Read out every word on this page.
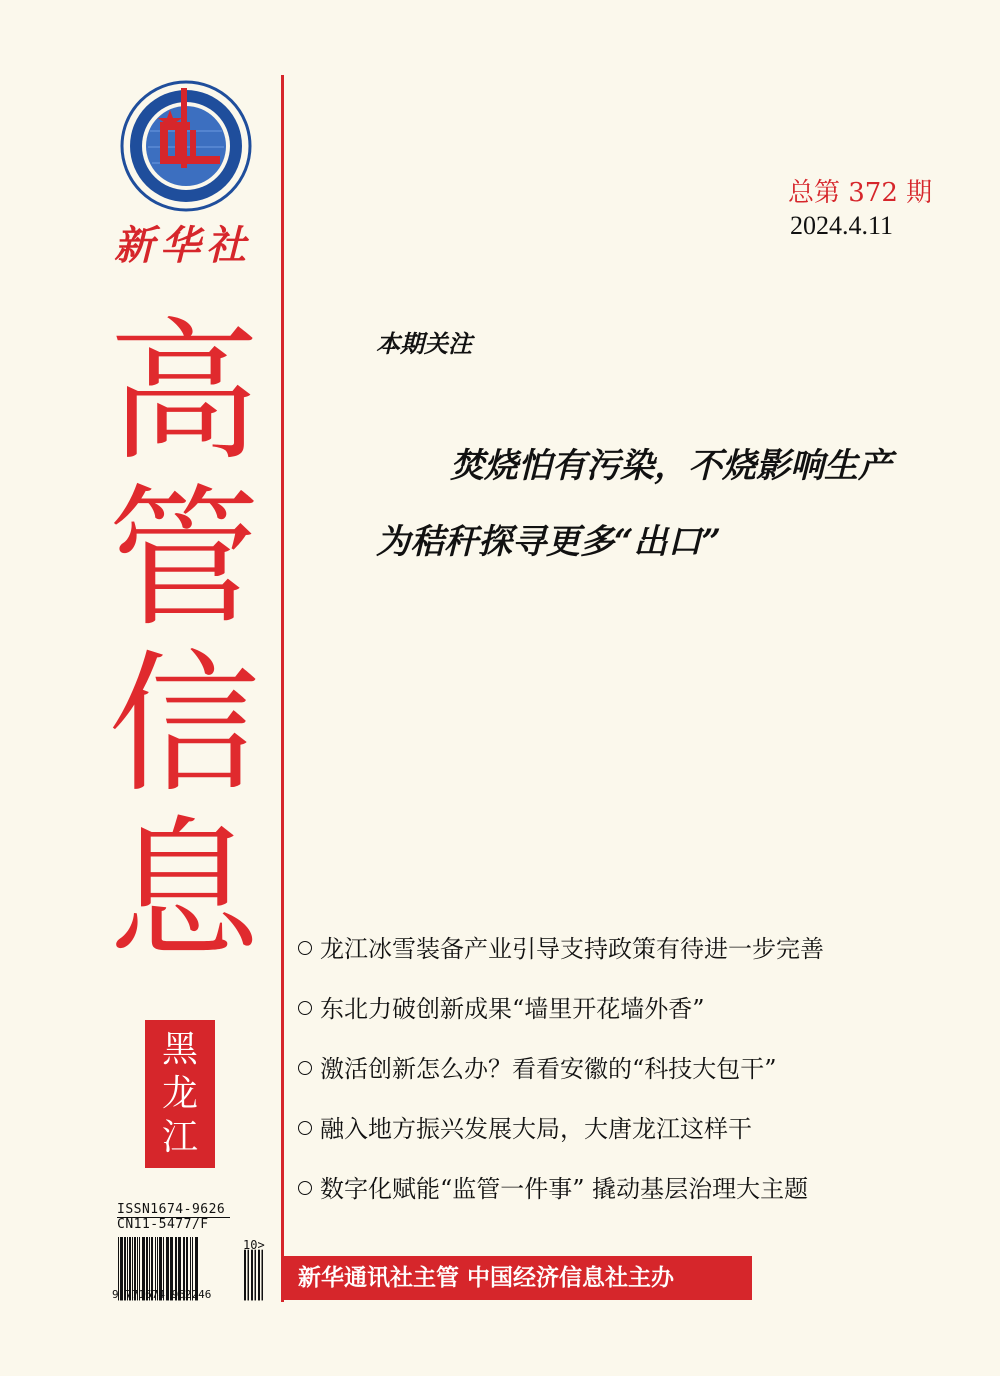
新华社
高
管
信
息
黑
龙
江
ISSN1674-9626
CN11-5477/F
10>
9 771674 962246
总第 372 期
2024.4.11
本期关注
焚烧怕有污染，不烧影响生产
为秸秆探寻更多“出口”
龙江冰雪装备产业引导支持政策有待进一步完善
东北力破创新成果“墙里开花墙外香”
激活创新怎么办？看看安徽的“科技大包干”
融入地方振兴发展大局，大唐龙江这样干
数字化赋能“监管一件事” 撬动基层治理大主题
新华通讯社主管 中国经济信息社主办
